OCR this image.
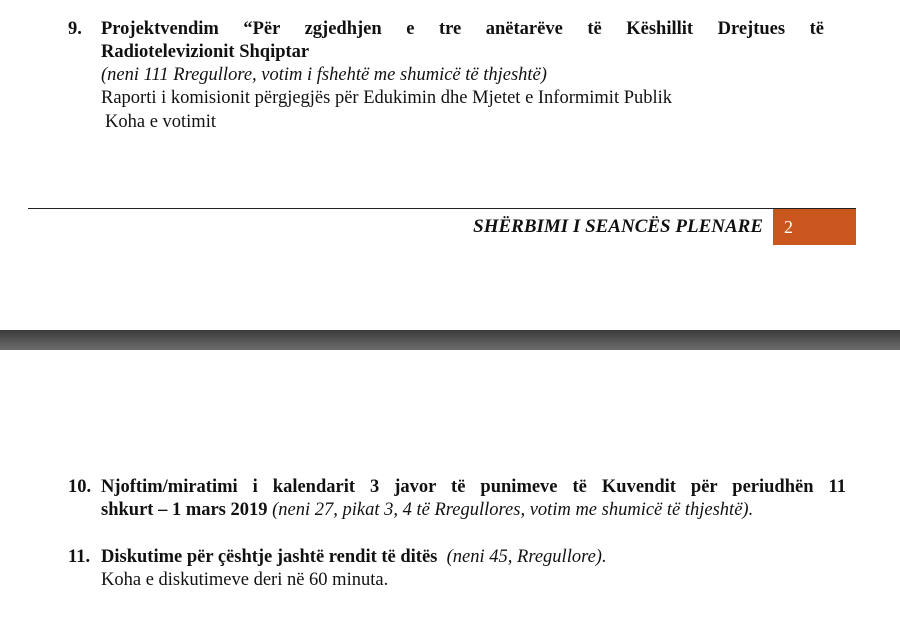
9. Projektvendim “Për zgjedhjen e tre anëtarëve të Këshillit Drejtues të
Radiotelevizionit Shqiptar
(neni 111 Rregullore, votim i fshehtë me shumicë të thjeshtë)
Raporti i komisionit përgjegjës për Edukimin dhe Mjetet e Informimit Publik
Koha e votimit
SHËRBIMI I SEANCËS PLENARE	2
10. Njoftim/miratimi i kalendarit 3 javor të punimeve të Kuvendit për periudhën 11
shkurt – 1 mars 2019 (neni 27, pikat 3, 4 të Rregullores, votim me shumicë të thjeshtë).
11. Diskutime për çështje jashtë rendit të ditës (neni 45, Rregullore).
Koha e diskutimeve deri në 60 minuta.
